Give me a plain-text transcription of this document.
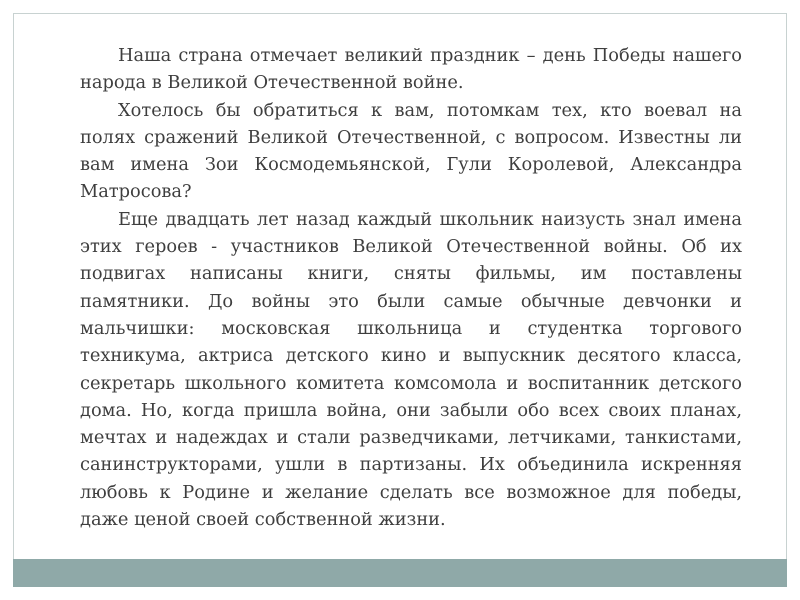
Наша страна отмечает великий праздник – день Победы нашего народа в Великой Отечественной войне.

Хотелось бы обратиться к вам, потомкам тех, кто воевал на полях сражений Великой Отечественной, с вопросом. Известны ли вам имена Зои Космодемьянской, Гули Королевой, Александра Матросова?

Еще двадцать лет назад каждый школьник наизусть знал имена этих героев - участников Великой Отечественной войны. Об их подвигах написаны книги, сняты фильмы, им поставлены памятники. До войны это были самые обычные девчонки и мальчишки: московская школьница и студентка торгового техникума, актриса детского кино и выпускник десятого класса, секретарь школьного комитета комсомола и воспитанник детского дома. Но, когда пришла война, они забыли обо всех своих планах, мечтах и надеждах и стали разведчиками, летчиками, танкистами, санинструкторами, ушли в партизаны. Их объединила искренняя любовь к Родине и желание сделать все возможное для победы, даже ценой своей собственной жизни.
